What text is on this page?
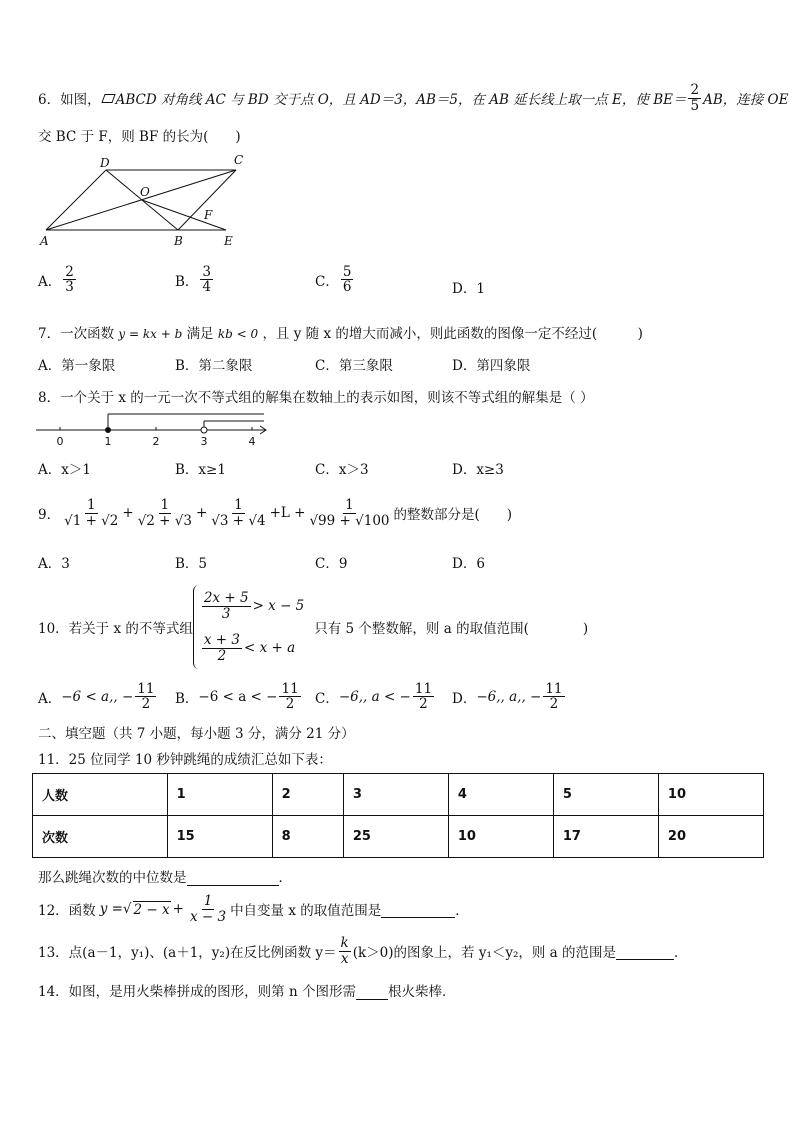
6．如图， ABCD 对角线 AC 与 BD 交于点 O，且 AD＝3，AB＝5，在 AB 延长线上取一点 E，使 $BE= \frac{2}{5}$ AB，连接 OE
交 BC 于 F，则 BF 的长为(　　)
D	C
O
F
A	B	E
A． $\frac{2}{3}$	B． $\frac{3}{4}$	C． $\frac{5}{6}$	D．1
7．一次函数 y = kx + b 满足 kb < 0 ，且 y 随 x 的增大而减小，则此函数的图像一定不经过(　　　)
A．第一象限	B．第二象限	C．第三象限	D．第四象限
8．一个关于 x 的一元一次不等式组的解集在数轴上的表示如图，则该不等式组的解集是（ ）
0	1	2	3	4
A．x＞1	B．x≥1	C．x＞3	D．x≥3
9． $\frac{1}{√1 + √2} + \frac{1}{√2 + √3} + \frac{1}{√3 + √4} +L + \frac{1}{√99 + √100}$ 的整数部分是(　　)
A．3	B．5	C．9	D．6
10．若关于 x 的不等式组
$\frac{2x + 5}{3} > x - 5$
$\frac{x + 3}{2} < x + a$
只有 5 个整数解，则 a 的取值范围(　　　　)
A． −6 < a,, − $\frac{11}{2}$ B． −6 < a < − $\frac{11}{2}$ C． −6,, a < − $\frac{11}{2}$ D． −6,, a,, − $\frac{11}{2}$
二、填空题（共 7 小题，每小题 3 分，满分 21 分）
11．25 位同学 10 秒钟跳绳的成绩汇总如下表：
人数	1	2	3	4	5	10
次数	15	8	25	10	17	20
那么跳绳次数的中位数是	．
12．函数 y = √ $2 - x + \frac{1}{x - 3}$ 中自变量 x 的取值范围是
	．
13．点(a－1，y₁)、(a＋1，y₂)在反比例函数 $y= \frac{k}{x} (k>0)$的图象上，若 y₁＜y₂，则 a 的范围是
	．
14．如图，是用火柴棒拼成的图形，则第 n 个图形需 根火柴棒．
